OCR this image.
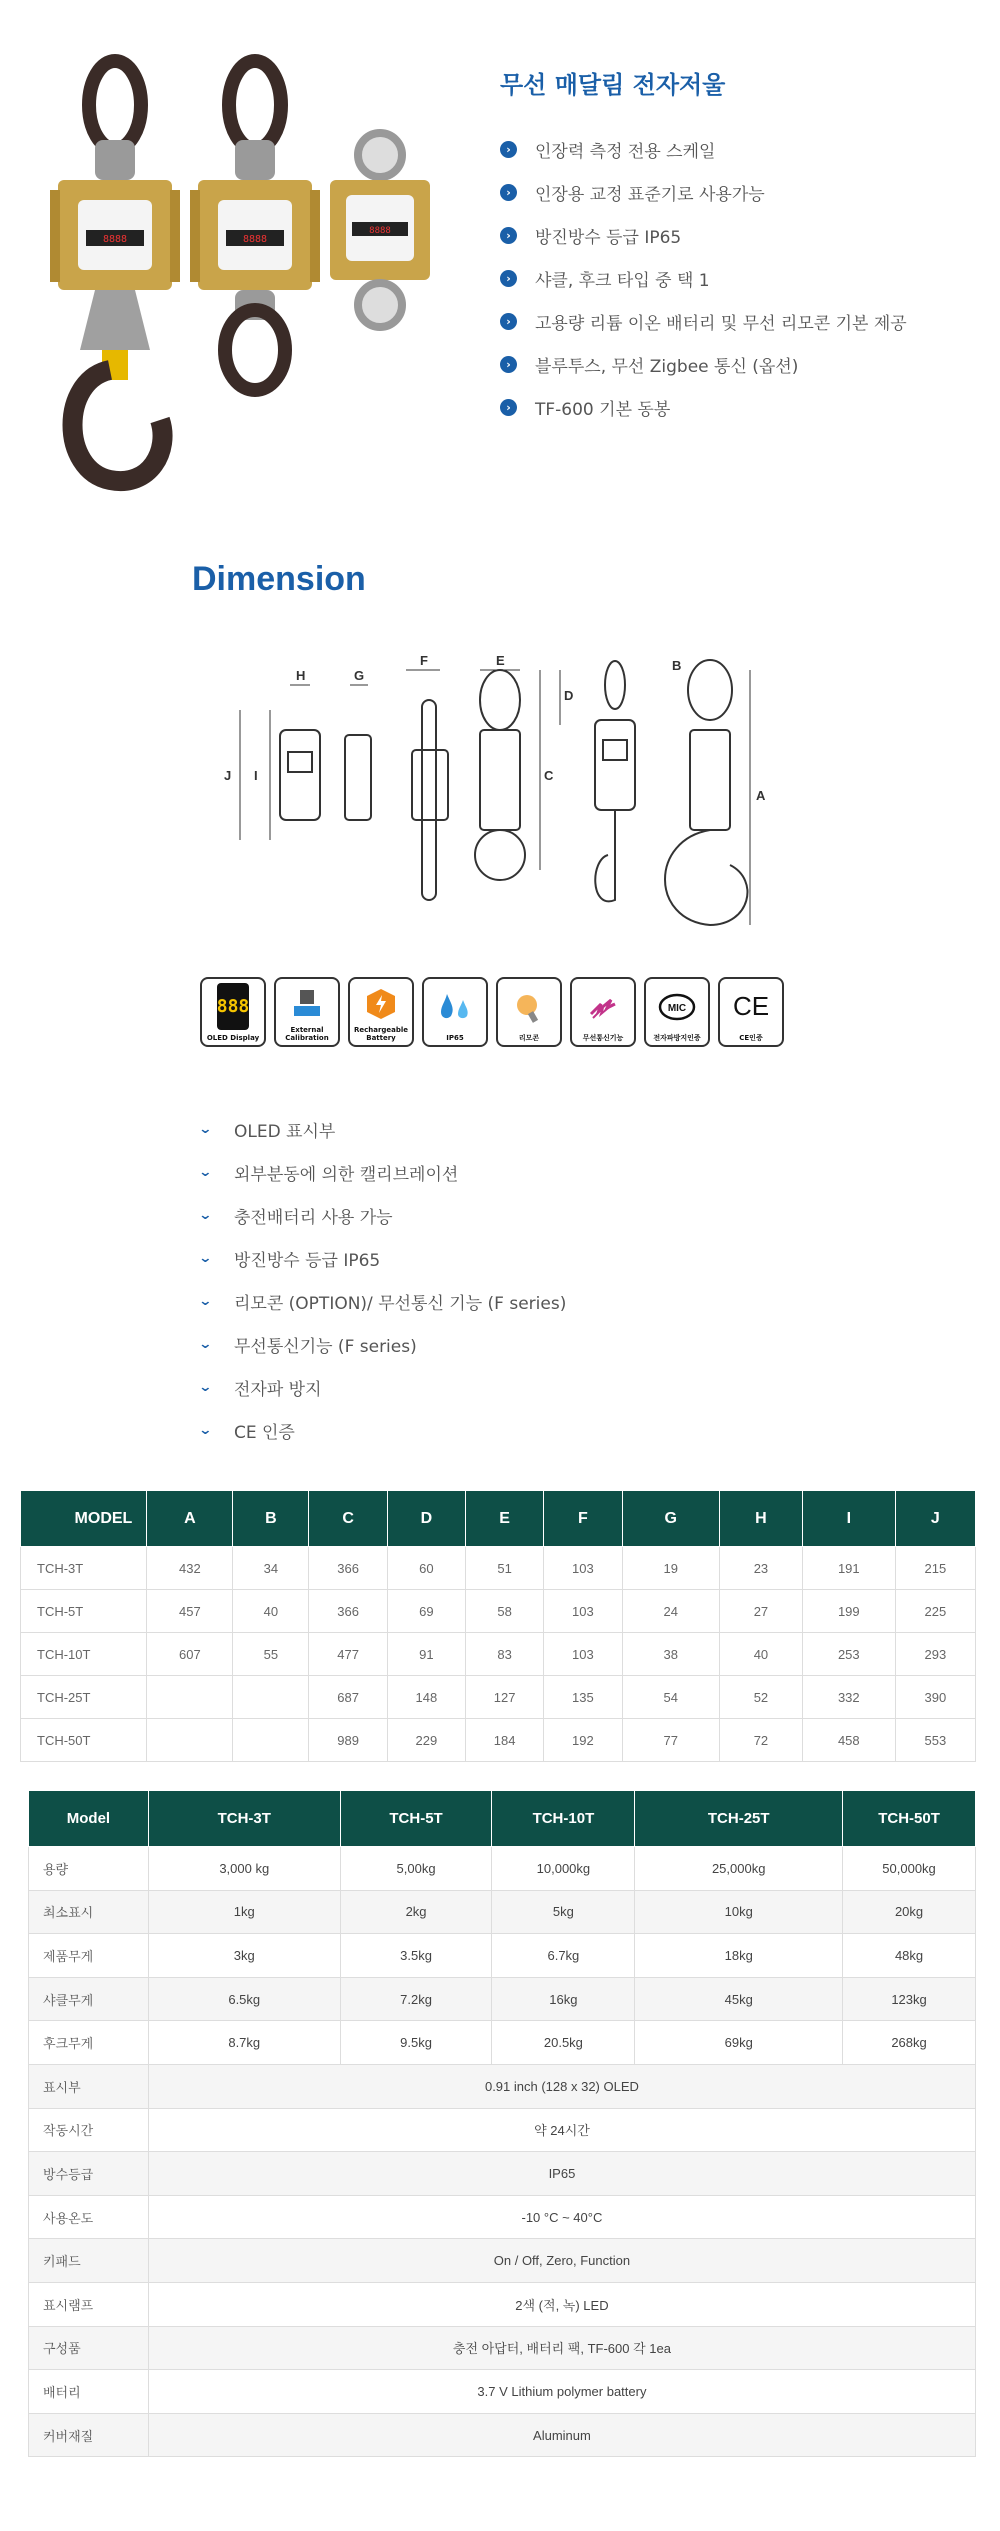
8888	8888
8888
무선 매달림 전자저울
›	인장력 측정 전용 스케일
›	인장용 교정 표준기로 사용가능
›	방진방수 등급 IP65
›	샤클, 후크 타입 중 택 1
›	고용량 리튬 이온 배터리 및 무선 리모콘 기본 제공
›	블루투스, 무선 Zigbee 통신 (옵션)
›	TF-600 기본 동봉
Dimension
H	G
F	E
D
J I	C
B
A
888
OLED Display
External Calibration
Rechargeable Battery	IP65	리모콘	무선통신기능
MIC
전자파방지인증
CE
CE인증
⌄ OLED 표시부
⌄ 외부분동에 의한 캘리브레이션
⌄ 충전배터리 사용 가능
⌄ 방진방수 등급 IP65
⌄ 리모콘 (OPTION)/ 무선통신 기능 (F series)
⌄ 무선통신기능 (F series)
⌄ 전자파 방지
⌄ CE 인증
MODEL	A	B	C	D	E	F	G	H	I	J
TCH-3T	432	34	366	60	51	103	19	23	191	215
TCH-5T	457	40	366	69	58	103	24	27	199	225
TCH-10T	607	55	477	91	83	103	38	40	253	293
TCH-25T			687	148	127	135	54	52	332	390
TCH-50T			989	229	184	192	77	72	458	553
Model	TCH-3T	TCH-5T	TCH-10T	TCH-25T	TCH-50T
용량	3,000 kg	5,00kg	10,000kg	25,000kg	50,000kg
최소표시	1kg	2kg	5kg	10kg	20kg
제품무게	3kg	3.5kg	6.7kg	18kg	48kg
샤클무게	6.5kg	7.2kg	16kg	45kg	123kg
후크무게	8.7kg	9.5kg	20.5kg	69kg	268kg
표시부	0.91 inch (128 x 32) OLED				
작동시간	약 24시간				
방수등급	IP65				
사용온도	-10 °C ~ 40°C				
키패드	On / Off, Zero, Function				
표시램프	2색 (적, 녹) LED				
구성품	충전 아답터, 배터리 팩, TF-600 각 1ea				
배터리	3.7 V Lithium polymer battery				
커버재질	Aluminum				
